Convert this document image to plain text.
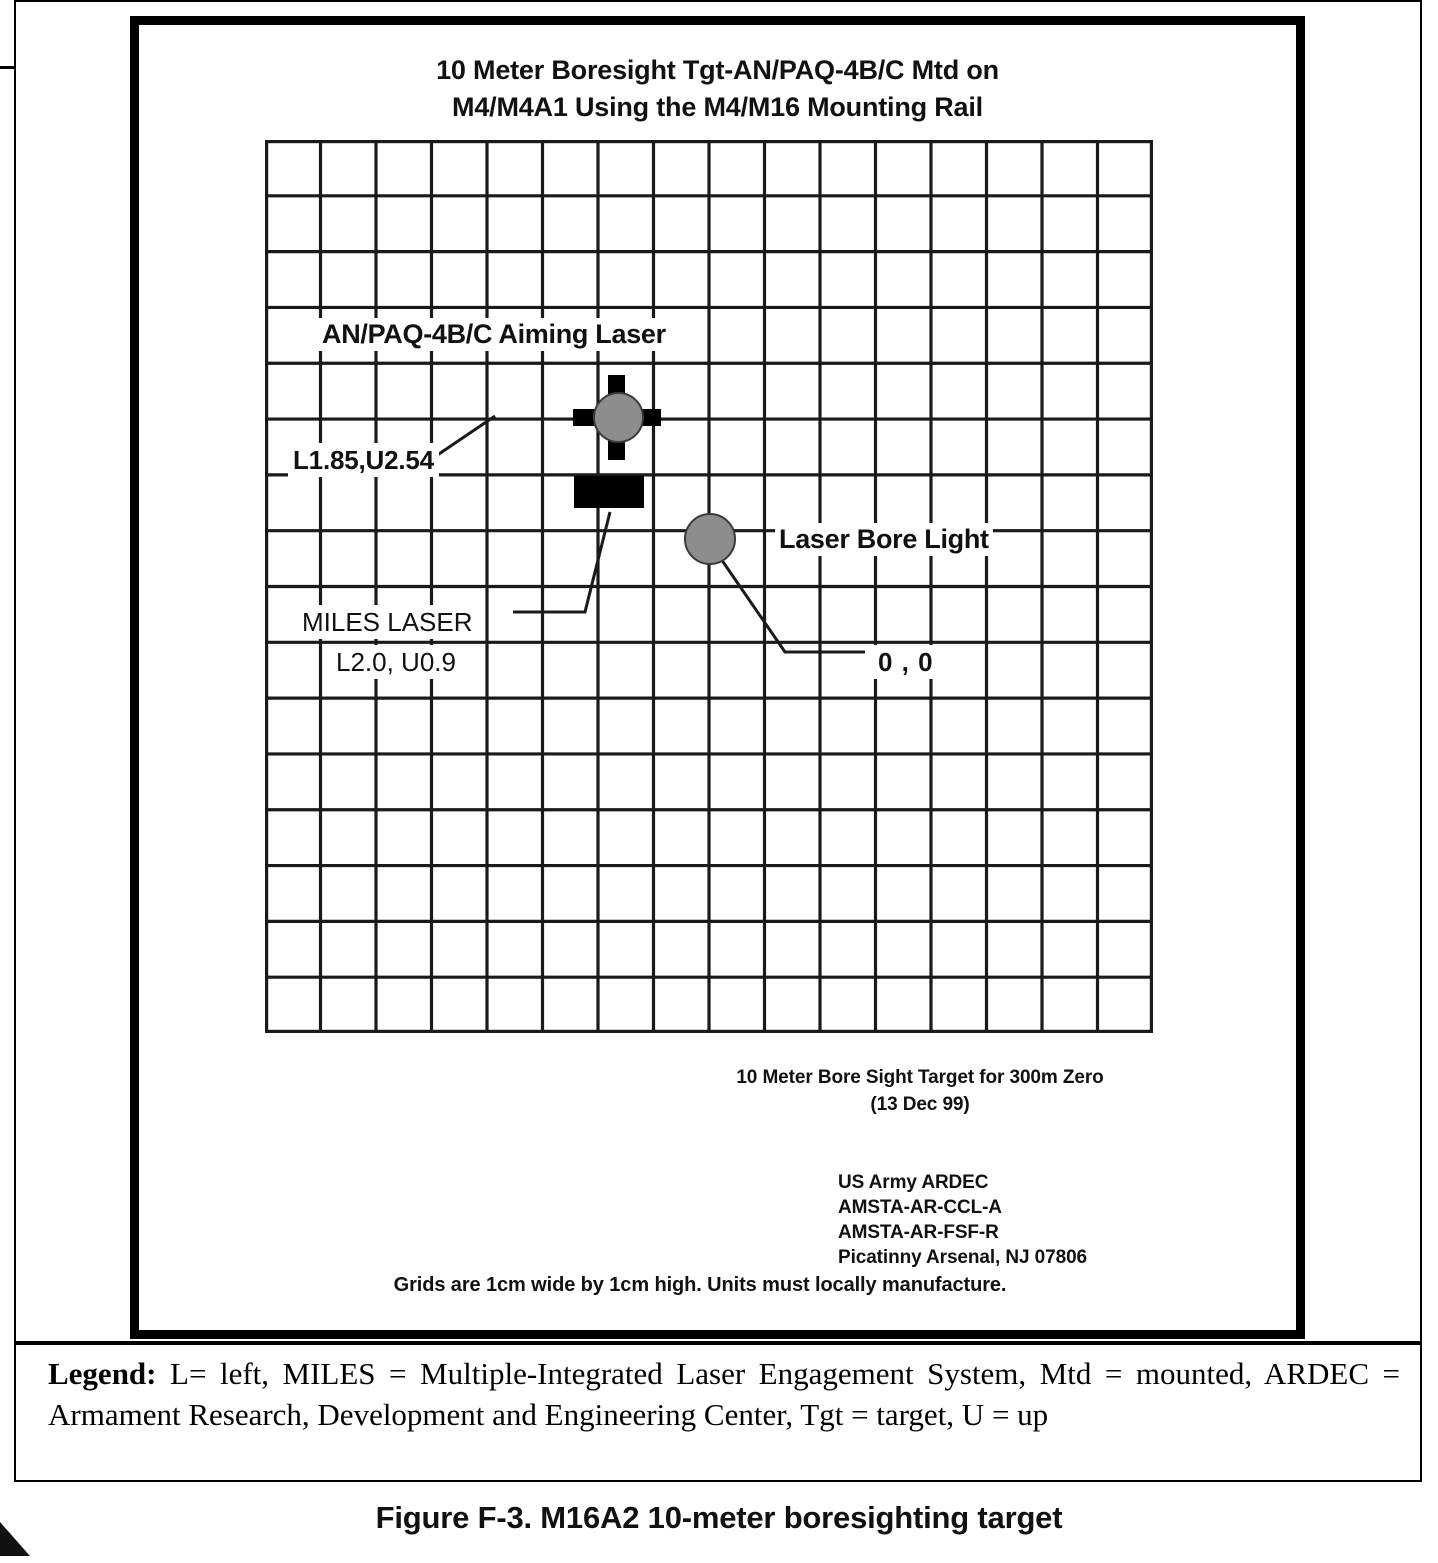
10 Meter Boresight Tgt-AN/PAQ-4B/C Mtd on
M4/M4A1 Using the M4/M16 Mounting Rail
AN/PAQ-4B/C Aiming Laser
L1.85,U2.54
Laser Bore Light
MILES LASER
L2.0, U0.9	0 , 0
10 Meter Bore Sight Target for 300m Zero
(13 Dec 99)
US Army ARDEC
AMSTA-AR-CCL-A
AMSTA-AR-FSF-R
Picatinny Arsenal, NJ 07806
Grids are 1cm wide by 1cm high. Units must locally manufacture.
Legend: L= left, MILES = Multiple-Integrated Laser Engagement System, Mtd = mounted, ARDEC = Armament Research, Development and Engineering Center, Tgt = target, U = up
Figure F-3. M16A2 10-meter boresighting target
